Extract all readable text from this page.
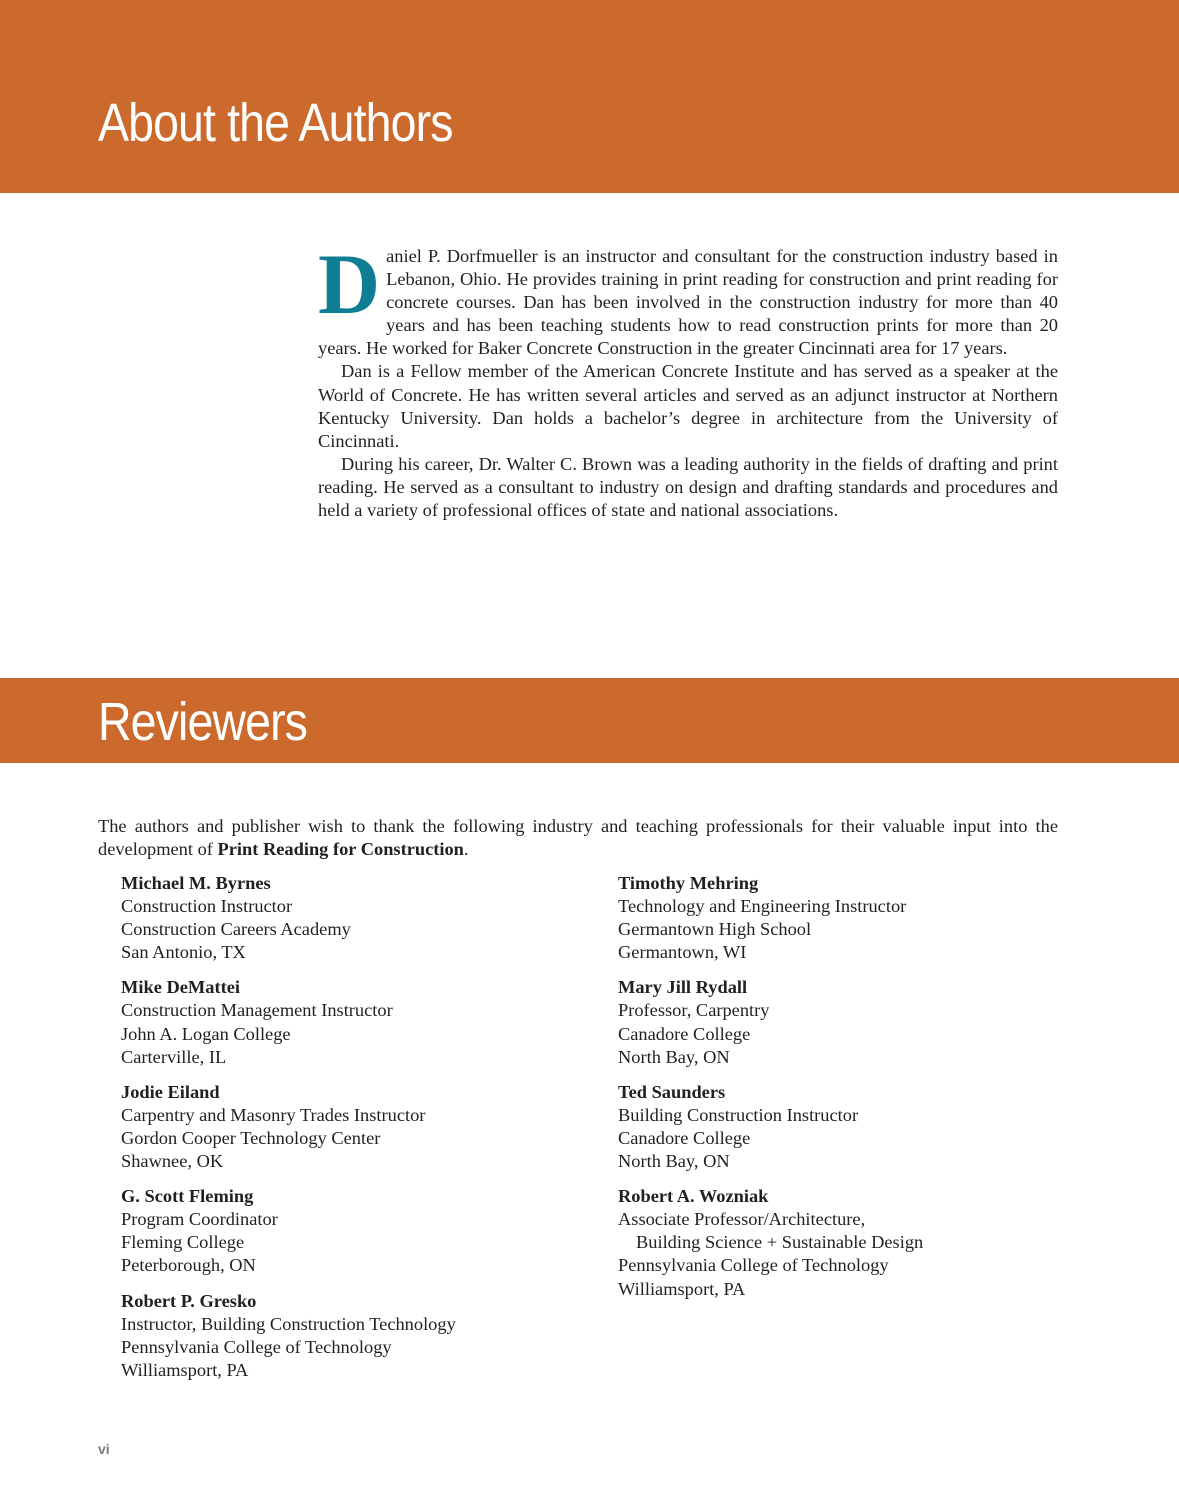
About the Authors

Daniel P. Dorfmueller is an instructor and consultant for the construction industry based in Lebanon, Ohio. He provides training in print reading for construction and print reading for concrete courses. Dan has been involved in the construction industry for more than 40 years and has been teaching students how to read construction prints for more than 20 years. He worked for Baker Concrete Construction in the greater Cincinnati area for 17 years.

Dan is a Fellow member of the American Concrete Institute and has served as a speaker at the World of Concrete. He has written several articles and served as an adjunct instructor at Northern Kentucky University. Dan holds a bachelor’s degree in architecture from the University of Cincinnati.

During his career, Dr. Walter C. Brown was a leading authority in the fields of drafting and print reading. He served as a consultant to industry on design and drafting standards and procedures and held a variety of professional offices of state and national associations.

Reviewers

The authors and publisher wish to thank the following industry and teaching professionals for their valuable input into the development of Print Reading for Construction.

Michael M. Byrnes
Construction Instructor
Construction Careers Academy
San Antonio, TX
Mike DeMattei
Construction Management Instructor
John A. Logan College
Carterville, IL
Jodie Eiland
Carpentry and Masonry Trades Instructor
Gordon Cooper Technology Center
Shawnee, OK
G. Scott Fleming
Program Coordinator
Fleming College
Peterborough, ON
Robert P. Gresko
Instructor, Building Construction Technology
Pennsylvania College of Technology
Williamsport, PA
Timothy Mehring
Technology and Engineering Instructor
Germantown High School
Germantown, WI
Mary Jill Rydall
Professor, Carpentry
Canadore College
North Bay, ON
Ted Saunders
Building Construction Instructor
Canadore College
North Bay, ON
Robert A. Wozniak
Associate Professor/Architecture,
Building Science + Sustainable Design
Pennsylvania College of Technology
Williamsport, PA
vi
